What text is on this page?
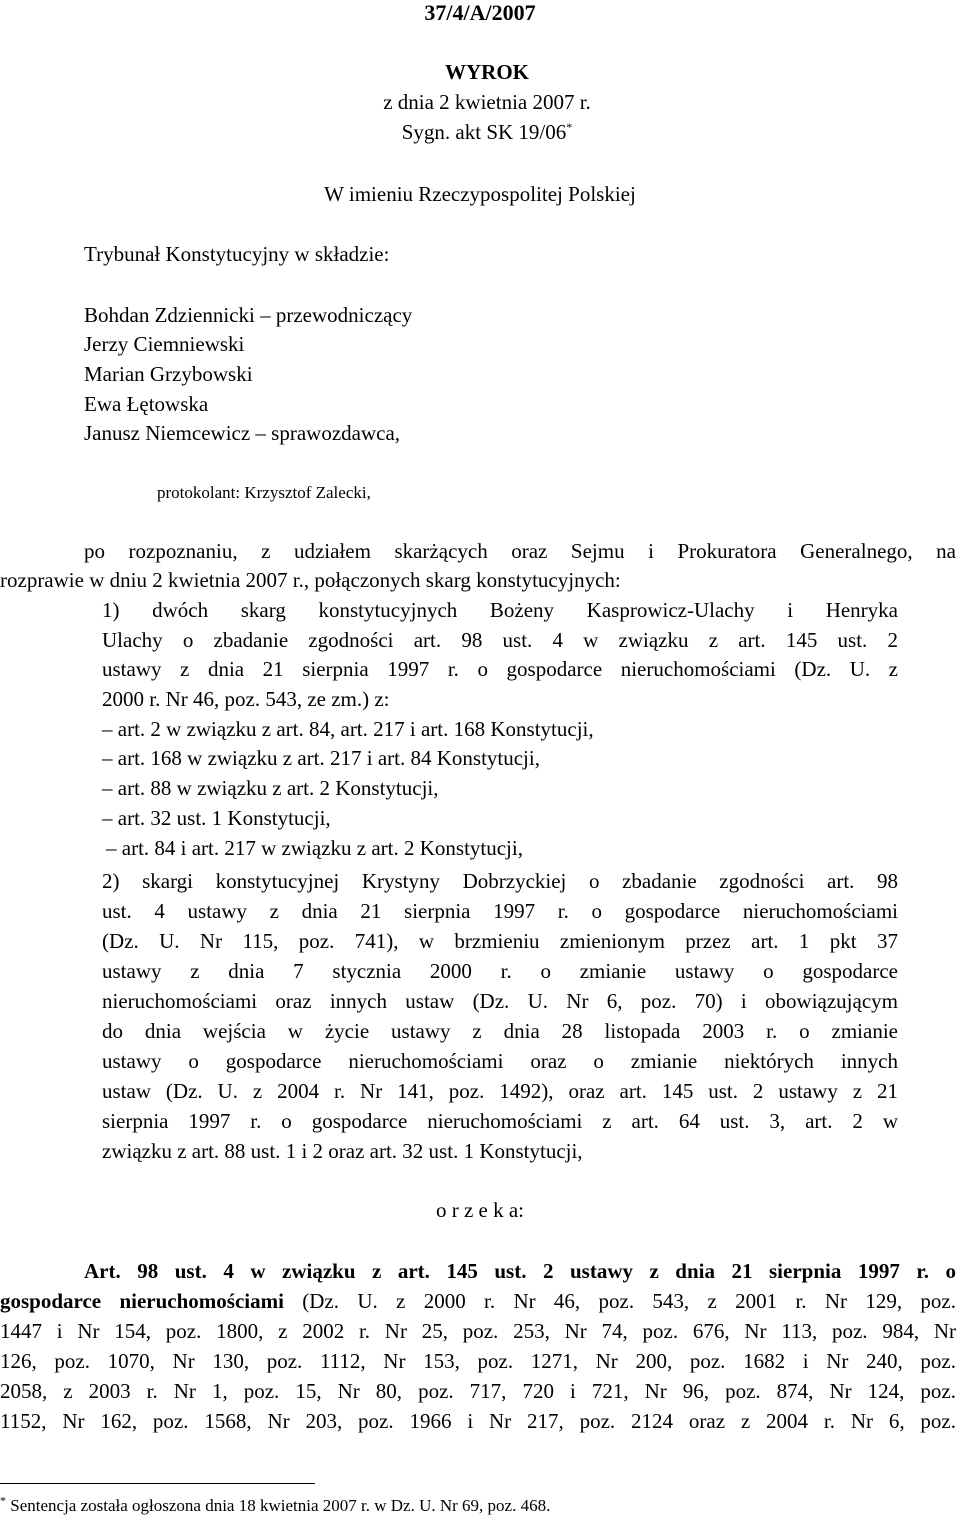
37/4/A/2007
WYROK
z dnia 2 kwietnia 2007 r.
Sygn. akt SK 19/06*
W imieniu Rzeczypospolitej Polskiej
Trybunał Konstytucyjny w składzie:
Bohdan Zdziennicki – przewodniczący
Jerzy Ciemniewski
Marian Grzybowski
Ewa Łętowska
Janusz Niemcewicz – sprawozdawca,
protokolant: Krzysztof Zalecki,
po rozpoznaniu, z udziałem skarżących oraz Sejmu i Prokuratora Generalnego, na
rozprawie w dniu 2 kwietnia 2007 r., połączonych skarg konstytucyjnych:
1) dwóch skarg konstytucyjnych Bożeny Kasprowicz-Ulachy i Henryka
Ulachy o zbadanie zgodności art. 98 ust. 4 w związku z art. 145 ust. 2
ustawy z dnia 21 sierpnia 1997 r. o gospodarce nieruchomościami (Dz. U. z
2000 r. Nr 46, poz. 543, ze zm.) z:
– art. 2 w związku z art. 84, art. 217 i art. 168 Konstytucji,
– art. 168 w związku z art. 217 i art. 84 Konstytucji,
– art. 88 w związku z art. 2 Konstytucji,
– art. 32 ust. 1 Konstytucji,
– art. 84 i art. 217 w związku z art. 2 Konstytucji,
2) skargi konstytucyjnej Krystyny Dobrzyckiej o zbadanie zgodności art. 98
ust. 4 ustawy z dnia 21 sierpnia 1997 r. o gospodarce nieruchomościami
(Dz. U. Nr 115, poz. 741), w brzmieniu zmienionym przez art. 1 pkt 37
ustawy z dnia 7 stycznia 2000 r. o zmianie ustawy o gospodarce
nieruchomościami oraz innych ustaw (Dz. U. Nr 6, poz. 70) i obowiązującym
do dnia wejścia w życie ustawy z dnia 28 listopada 2003 r. o zmianie
ustawy o gospodarce nieruchomościami oraz o zmianie niektórych innych
ustaw (Dz. U. z 2004 r. Nr 141, poz. 1492), oraz art. 145 ust. 2 ustawy z 21
sierpnia 1997 r. o gospodarce nieruchomościami z art. 64 ust. 3, art. 2 w
związku z art. 88 ust. 1 i 2 oraz art. 32 ust. 1 Konstytucji,
o r z e k a:
Art. 98 ust. 4 w związku z art. 145 ust. 2 ustawy z dnia 21 sierpnia 1997 r. o
gospodarce nieruchomościami (Dz. U. z 2000 r. Nr 46, poz. 543, z 2001 r. Nr 129, poz.
1447 i Nr 154, poz. 1800, z 2002 r. Nr 25, poz. 253, Nr 74, poz. 676, Nr 113, poz. 984, Nr
126, poz. 1070, Nr 130, poz. 1112, Nr 153, poz. 1271, Nr 200, poz. 1682 i Nr 240, poz.
2058, z 2003 r. Nr 1, poz. 15, Nr 80, poz. 717, 720 i 721, Nr 96, poz. 874, Nr 124, poz.
1152, Nr 162, poz. 1568, Nr 203, poz. 1966 i Nr 217, poz. 2124 oraz z 2004 r. Nr 6, poz.
* Sentencja została ogłoszona dnia 18 kwietnia 2007 r. w Dz. U. Nr 69, poz. 468.
